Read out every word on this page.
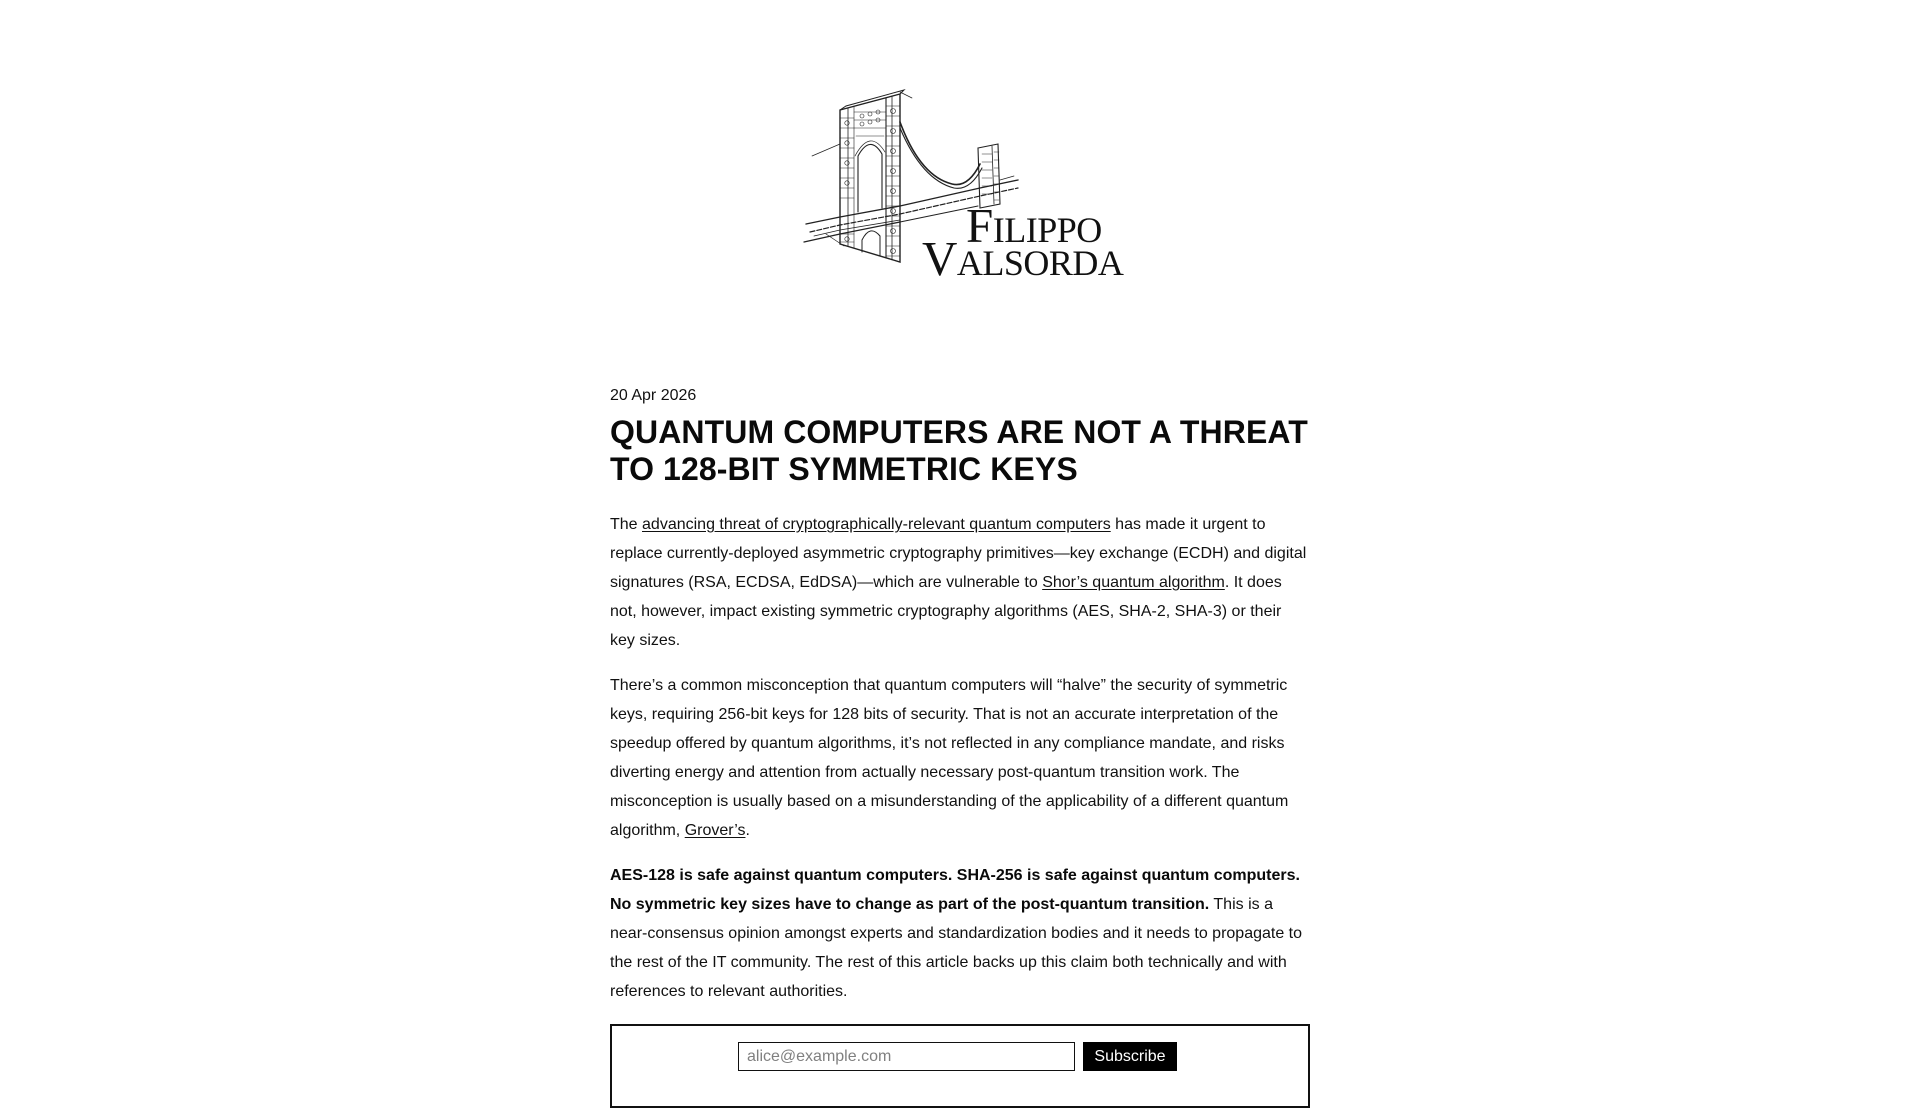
FILIPPO
VALSORDA

20 Apr 2026

QUANTUM COMPUTERS ARE NOT A THREAT TO 128-BIT SYMMETRIC KEYS

The advancing threat of cryptographically-relevant quantum computers has made it urgent to replace currently-deployed asymmetric cryptography primitives—key exchange (ECDH) and digital signatures (RSA, ECDSA, EdDSA)—which are vulnerable to Shor’s quantum algorithm. It does not, however, impact existing symmetric cryptography algorithms (AES, SHA-2, SHA-3) or their key sizes.

There’s a common misconception that quantum computers will “halve” the security of symmetric keys, requiring 256-bit keys for 128 bits of security. That is not an accurate interpretation of the speedup offered by quantum algorithms, it’s not reflected in any compliance mandate, and risks diverting energy and attention from actually necessary post-quantum transition work. The misconception is usually based on a misunderstanding of the applicability of a different quantum algorithm, Grover’s.

AES-128 is safe against quantum computers. SHA-256 is safe against quantum computers. No symmetric key sizes have to change as part of the post-quantum transition. This is a near-consensus opinion amongst experts and standardization bodies and it needs to propagate to the rest of the IT community. The rest of this article backs up this claim both technically and with references to relevant authorities.

alice@example.com
Subscribe
